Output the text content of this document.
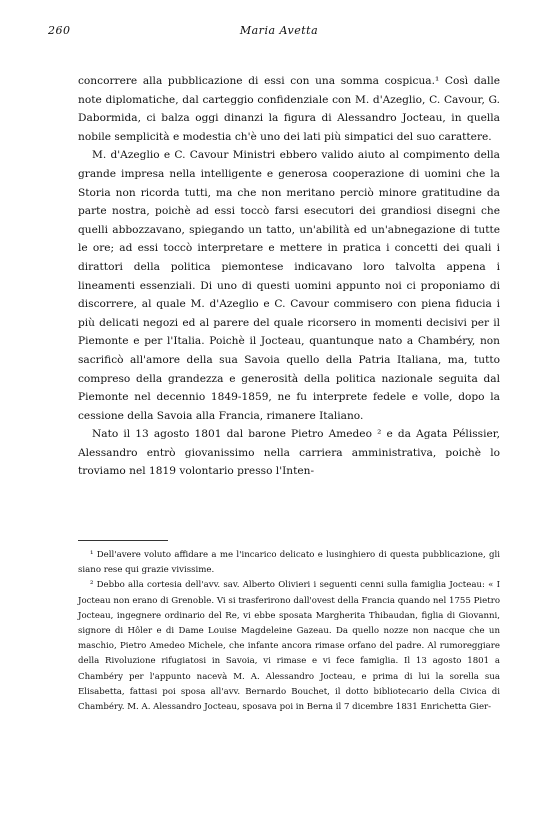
260	Maria Avetta

concorrere alla pubblicazione di essi con una somma cospicua.¹ Così dalle note diplomatiche, dal carteggio confidenziale con M. d'Azeglio, C. Cavour, G. Dabormida, ci balza oggi dinanzi la figura di Alessandro Jocteau, in quella nobile semplicità e modestia ch'è uno dei lati più simpatici del suo carattere.

M. d'Azeglio e C. Cavour Ministri ebbero valido aiuto al compimento della grande impresa nella intelligente e generosa cooperazione di uomini che la Storia non ricorda tutti, ma che non meritano perciò minore gratitudine da parte nostra, poichè ad essi toccò farsi esecutori dei grandiosi disegni che quelli abbozzavano, spiegando un tatto, un'abilità ed un'abnegazione di tutte le ore; ad essi toccò interpretare e mettere in pratica i concetti dei quali i dirattori della politica piemontese indicavano loro talvolta appena i lineamenti essenziali. Di uno di questi uomini appunto noi ci proponiamo di discorrere, al quale M. d'Azeglio e C. Cavour commisero con piena fiducia i più delicati negozi ed al parere del quale ricorsero in momenti decisivi per il Piemonte e per l'Italia. Poichè il Jocteau, quantunque nato a Chambéry, non sacrificò all'amore della sua Savoia quello della Patria Italiana, ma, tutto compreso della grandezza e generosità della politica nazionale seguita dal Piemonte nel decennio 1849-1859, ne fu interprete fedele e volle, dopo la cessione della Savoia alla Francia, rimanere Italiano.

Nato il 13 agosto 1801 dal barone Pietro Amedeo ² e da Agata Pélissier, Alessandro entrò giovanissimo nella carriera amministrativa, poichè lo troviamo nel 1819 volontario presso l'Inten-

¹ Dell'avere voluto affidare a me l'incarico delicato e lusinghiero di questa pubblicazione, gli siano rese qui grazie vivissime.

² Debbo alla cortesia dell'avv. sav. Alberto Olivieri i seguenti cenni sulla famiglia Jocteau: « I Jocteau non erano di Grenoble. Vi si trasferirono dall'ovest della Francia quando nel 1755 Pietro Jocteau, ingegnere ordinario del Re, vi ebbe sposata Margherita Thibaudan, figlia di Giovanni, signore di Hôler e di Dame Louise Magdeleine Gazeau. Da quello nozze non nacque che un maschio, Pietro Amedeo Michele, che infante ancora rimase orfano del padre. Al rumoreggiare della Rivoluzione rifugiatosi in Savoia, vi rimase e vi fece famiglia. Il 13 agosto 1801 a Chambéry per l'appunto nacevà M. A. Alessandro Jocteau, e prima di lui la sorella sua Elisabetta, fattasi poi sposa all'avv. Bernardo Bouchet, il dotto bibliotecario della Civica di Chambéry. M. A. Alessandro Jocteau, sposava poi in Berna il 7 dicembre 1831 Enrichetta Gier-
